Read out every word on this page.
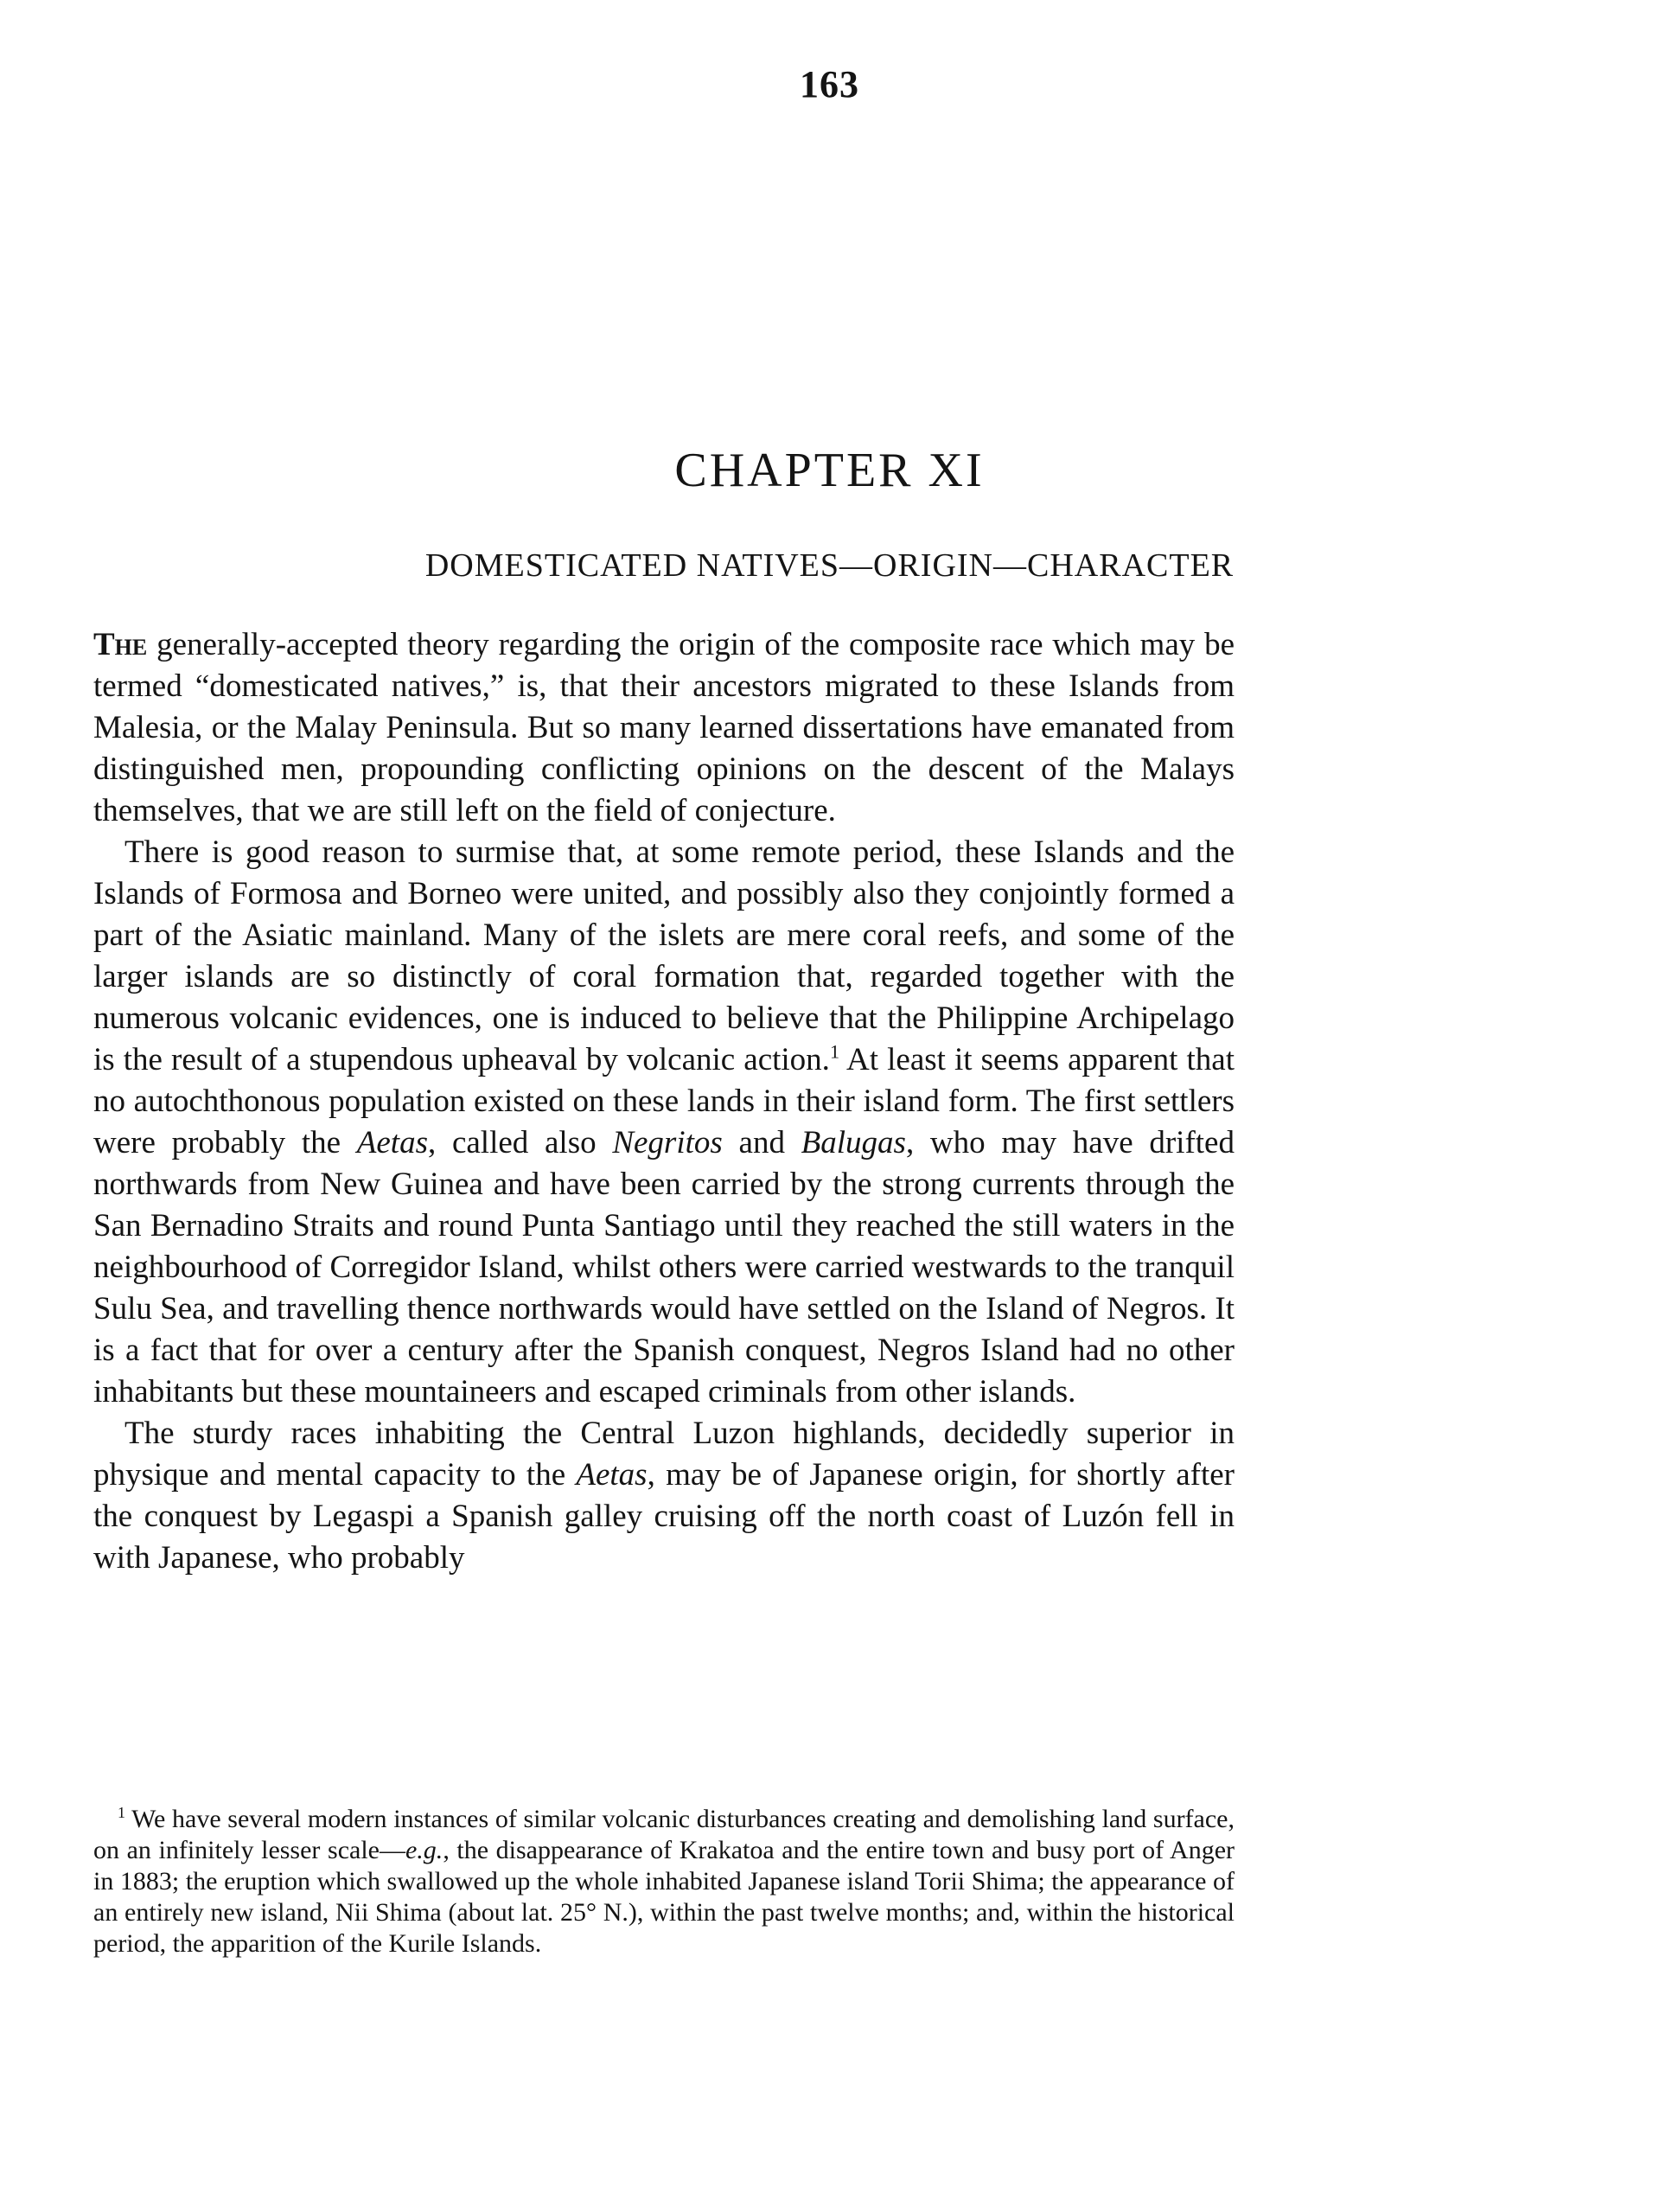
163
CHAPTER XI
DOMESTICATED NATIVES—ORIGIN—CHARACTER

The generally-accepted theory regarding the origin of the composite race which may be termed “domesticated natives,” is, that their ancestors migrated to these Islands from Malesia, or the Malay Peninsula. But so many learned dissertations have emanated from distinguished men, propounding conflicting opinions on the descent of the Malays themselves, that we are still left on the field of conjecture.

There is good reason to surmise that, at some remote period, these Islands and the Islands of Formosa and Borneo were united, and possibly also they conjointly formed a part of the Asiatic mainland. Many of the islets are mere coral reefs, and some of the larger islands are so distinctly of coral formation that, regarded together with the numerous volcanic evidences, one is induced to believe that the Philippine Archipelago is the result of a stupendous upheaval by volcanic action.$^1$ At least it seems apparent that no autochthonous population existed on these lands in their island form. The first settlers were probably the Aetas, called also Negritos and Balugas, who may have drifted northwards from New Guinea and have been carried by the strong currents through the San Bernadino Straits and round Punta Santiago until they reached the still waters in the neighbourhood of Corregidor Island, whilst others were carried westwards to the tranquil Sulu Sea, and travelling thence northwards would have settled on the Island of Negros. It is a fact that for over a century after the Spanish conquest, Negros Island had no other inhabitants but these mountaineers and escaped criminals from other islands.

The sturdy races inhabiting the Central Luzon highlands, decidedly superior in physique and mental capacity to the Aetas, may be of Japanese origin, for shortly after the conquest by Legaspi a Spanish galley cruising off the north coast of Luzón fell in with Japanese, who probably

$^1$ We have several modern instances of similar volcanic disturbances creating and demolishing land surface, on an infinitely lesser scale—e.g., the disappearance of Krakatoa and the entire town and busy port of Anger in 1883; the eruption which swallowed up the whole inhabited Japanese island Torii Shima; the appearance of an entirely new island, Nii Shima (about lat. 25° N.), within the past twelve months; and, within the historical period, the apparition of the Kurile Islands.
